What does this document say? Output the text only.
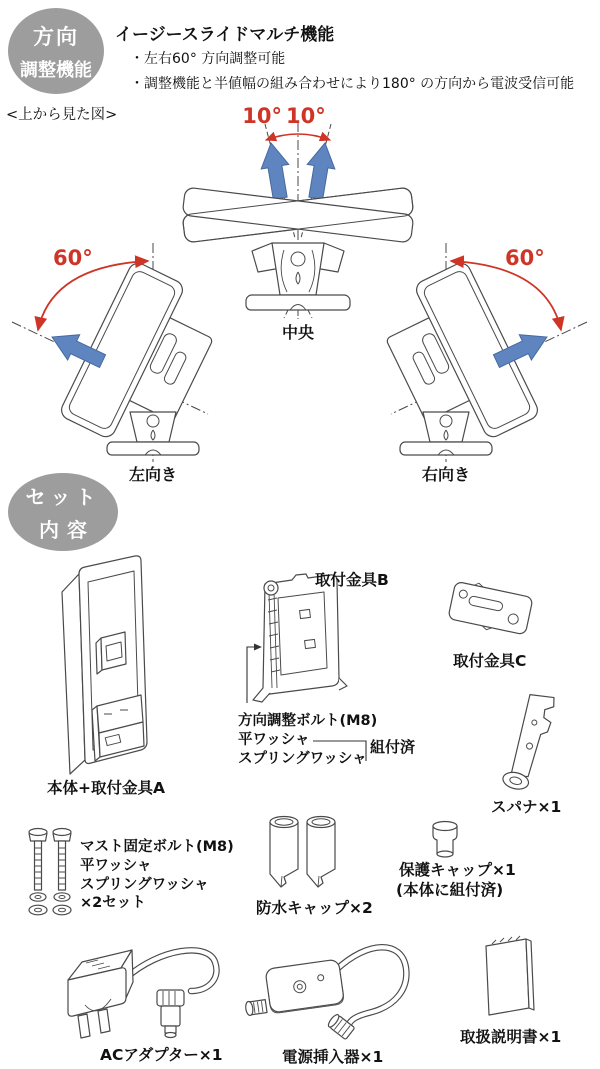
方向
調整機能
イージースライドマルチ機能
・左右60° 方向調整可能
・調整機能と半値幅の組み合わせにより180° の方向から電波受信可能
<上から見た図>	10° 10°
60°	60°
中央
左向き	右向き
セット
内容
本体+取付金具A
取付金具B
方向調整ボルト(M8)
平ワッシャ
スプリングワッシャ
組付済
取付金具C
スパナ×1
マスト固定ボルト(M8)
平ワッシャ
スプリングワッシャ
×2セット	防水キャップ×2
保護キャップ×1
(本体に組付済)
ACアダプター×1	電源挿入器×1
取扱説明書×1
